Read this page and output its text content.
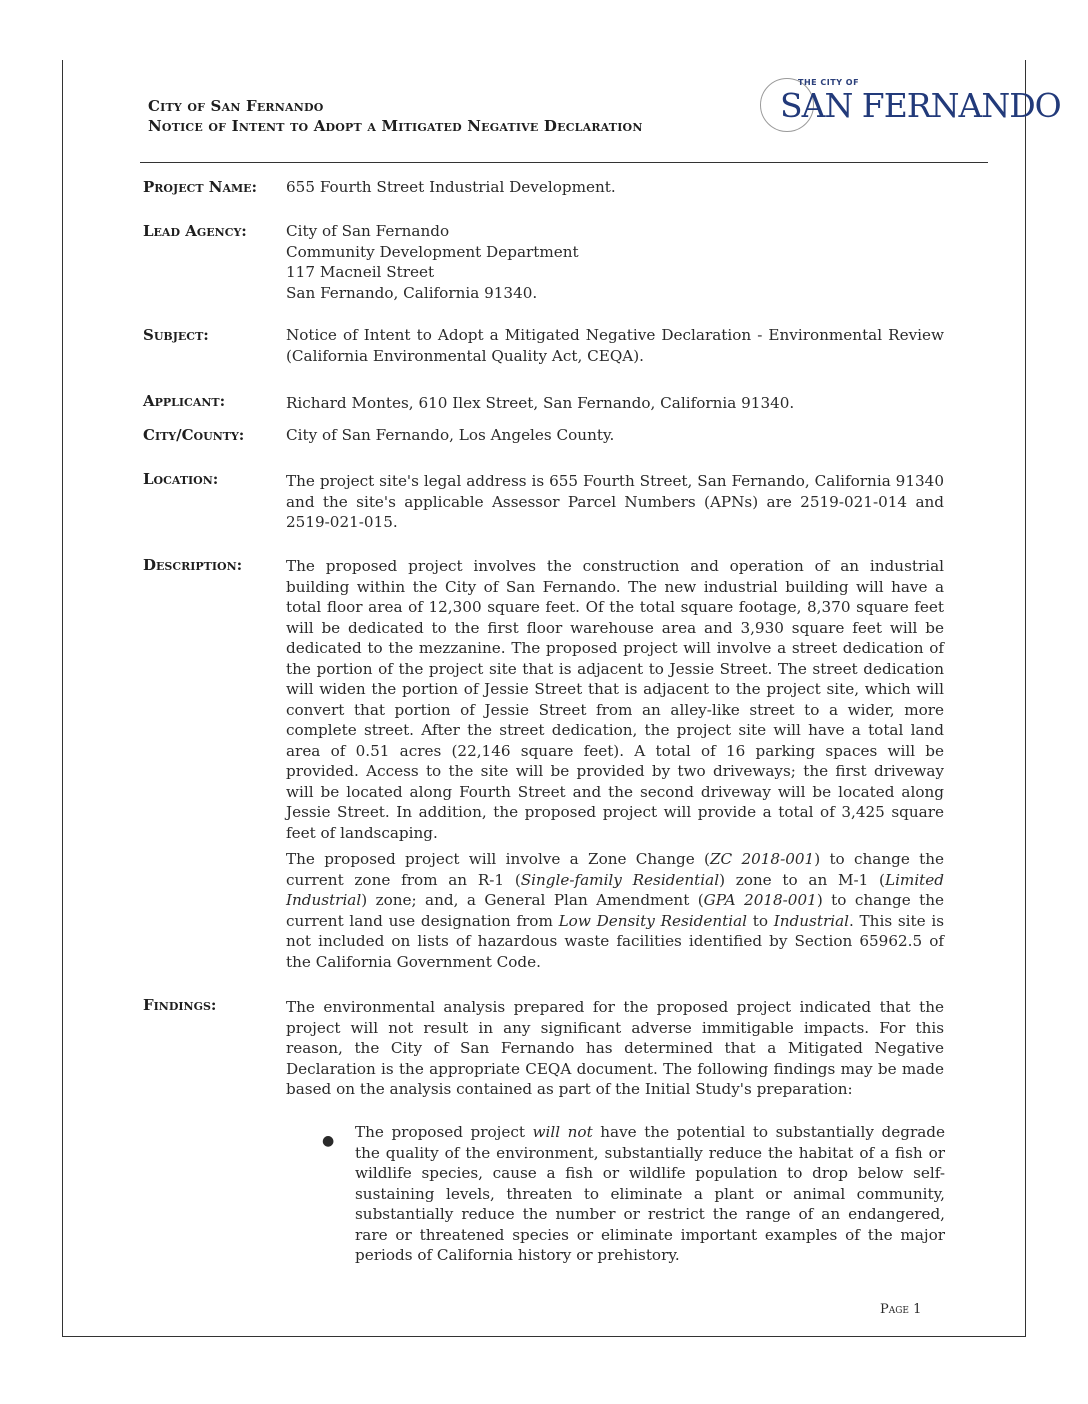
City of San Fernando
Notice of Intent to Adopt a Mitigated Negative Declaration
THE CITY OF
SAN FERNANDO
Project Name: 655 Fourth Street Industrial Development.
Lead Agency:	City of San Fernando
Community Development Department
117 Macneil Street
San Fernando, California 91340.
Subject:	Notice of Intent to Adopt a Mitigated Negative Declaration - Environmental Review (California Environmental Quality Act, CEQA).
Applicant:	Richard Montes, 610 Ilex Street, San Fernando, California 91340.
City/County:	City of San Fernando, Los Angeles County.
Location:	The project site's legal address is 655 Fourth Street, San Fernando, California 91340 and the site's applicable Assessor Parcel Numbers (APNs) are 2519-021-014 and 2519-021-015.
Description:	The proposed project involves the construction and operation of an industrial building within the City of San Fernando. The new industrial building will have a total floor area of 12,300 square feet. Of the total square footage, 8,370 square feet will be dedicated to the first floor warehouse area and 3,930 square feet will be dedicated to the mezzanine. The proposed project will involve a street dedication of the portion of the project site that is adjacent to Jessie Street. The street dedication will widen the portion of Jessie Street that is adjacent to the project site, which will convert that portion of Jessie Street from an alley-like street to a wider, more complete street. After the street dedication, the project site will have a total land area of 0.51 acres (22,146 square feet). A total of 16 parking spaces will be provided. Access to the site will be provided by two driveways; the first driveway will be located along Fourth Street and the second driveway will be located along Jessie Street. In addition, the proposed project will provide a total of 3,425 square feet of landscaping.
The proposed project will involve a Zone Change (ZC 2018-001) to change the current zone from an R-1 (Single-family Residential) zone to an M-1 (Limited Industrial) zone; and, a General Plan Amendment (GPA 2018-001) to change the current land use designation from Low Density Residential to Industrial. This site is not included on lists of hazardous waste facilities identified by Section 65962.5 of the California Government Code.
Findings:	The environmental analysis prepared for the proposed project indicated that the project will not result in any significant adverse immitigable impacts. For this reason, the City of San Fernando has determined that a Mitigated Negative Declaration is the appropriate CEQA document. The following findings may be made based on the analysis contained as part of the Initial Study's preparation:
● The proposed project will not have the potential to substantially degrade the quality of the environment, substantially reduce the habitat of a fish or wildlife species, cause a fish or wildlife population to drop below self-sustaining levels, threaten to eliminate a plant or animal community, substantially reduce the number or restrict the range of an endangered, rare or threatened species or eliminate important examples of the major periods of California history or prehistory.
Page 1
